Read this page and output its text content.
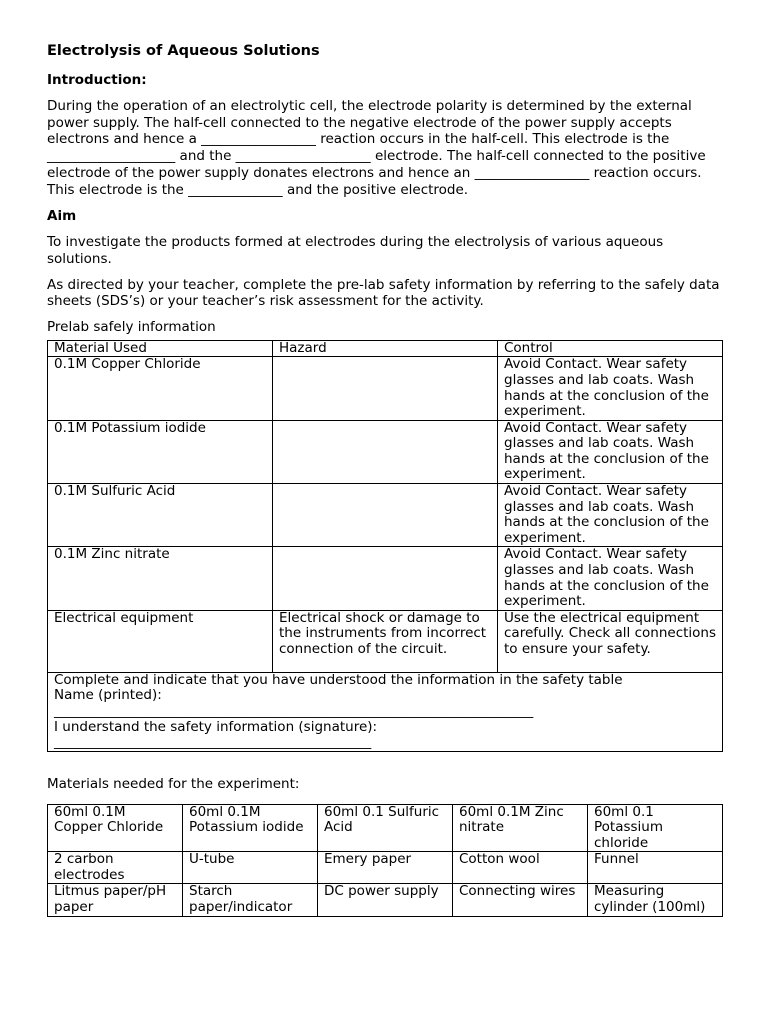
Electrolysis of Aqueous Solutions
Introduction:

During the operation of an electrolytic cell, the electrode polarity is determined by the external power supply. The half-cell connected to the negative electrode of the power supply accepts electrons and hence a _________________ reaction occurs in the half-cell. This electrode is the ___________________ and the ____________________ electrode. The half-cell connected to the positive electrode of the power supply donates electrons and hence an _________________ reaction occurs. This electrode is the ______________ and the positive electrode.

Aim

To investigate the products formed at electrodes during the electrolysis of various aqueous solutions.

As directed by your teacher, complete the pre-lab safety information by referring to the safely data sheets (SDS’s) or your teacher’s risk assessment for the activity.

Prelab safely information

Material Used	Hazard	Control
0.1M Copper Chloride		Avoid Contact. Wear safety glasses and lab coats. Wash hands at the conclusion of the experiment.
0.1M Potassium iodide		Avoid Contact. Wear safety glasses and lab coats. Wash hands at the conclusion of the experiment.
0.1M Sulfuric Acid		Avoid Contact. Wear safety glasses and lab coats. Wash hands at the conclusion of the experiment.
0.1M Zinc nitrate		Avoid Contact. Wear safety glasses and lab coats. Wash hands at the conclusion of the experiment.
Electrical equipment	Electrical shock or damage to the instruments from incorrect connection of the circuit.	Use the electrical equipment carefully. Check all connections to ensure your safety.

Complete and indicate that you have understood the information in the safety table
Name (printed):
_______________________________________________________________________
I understand the safety information (signature):
_______________________________________________		

Materials needed for the experiment:

60ml 0.1M Copper Chloride	60ml 0.1M Potassium iodide	60ml 0.1 Sulfuric Acid	60ml 0.1M Zinc nitrate	60ml 0.1 Potassium chloride
2 carbon electrodes	U-tube	Emery paper	Cotton wool	Funnel
Litmus paper/pH paper	Starch paper/indicator	DC power supply	Connecting wires	Measuring cylinder (100ml)
